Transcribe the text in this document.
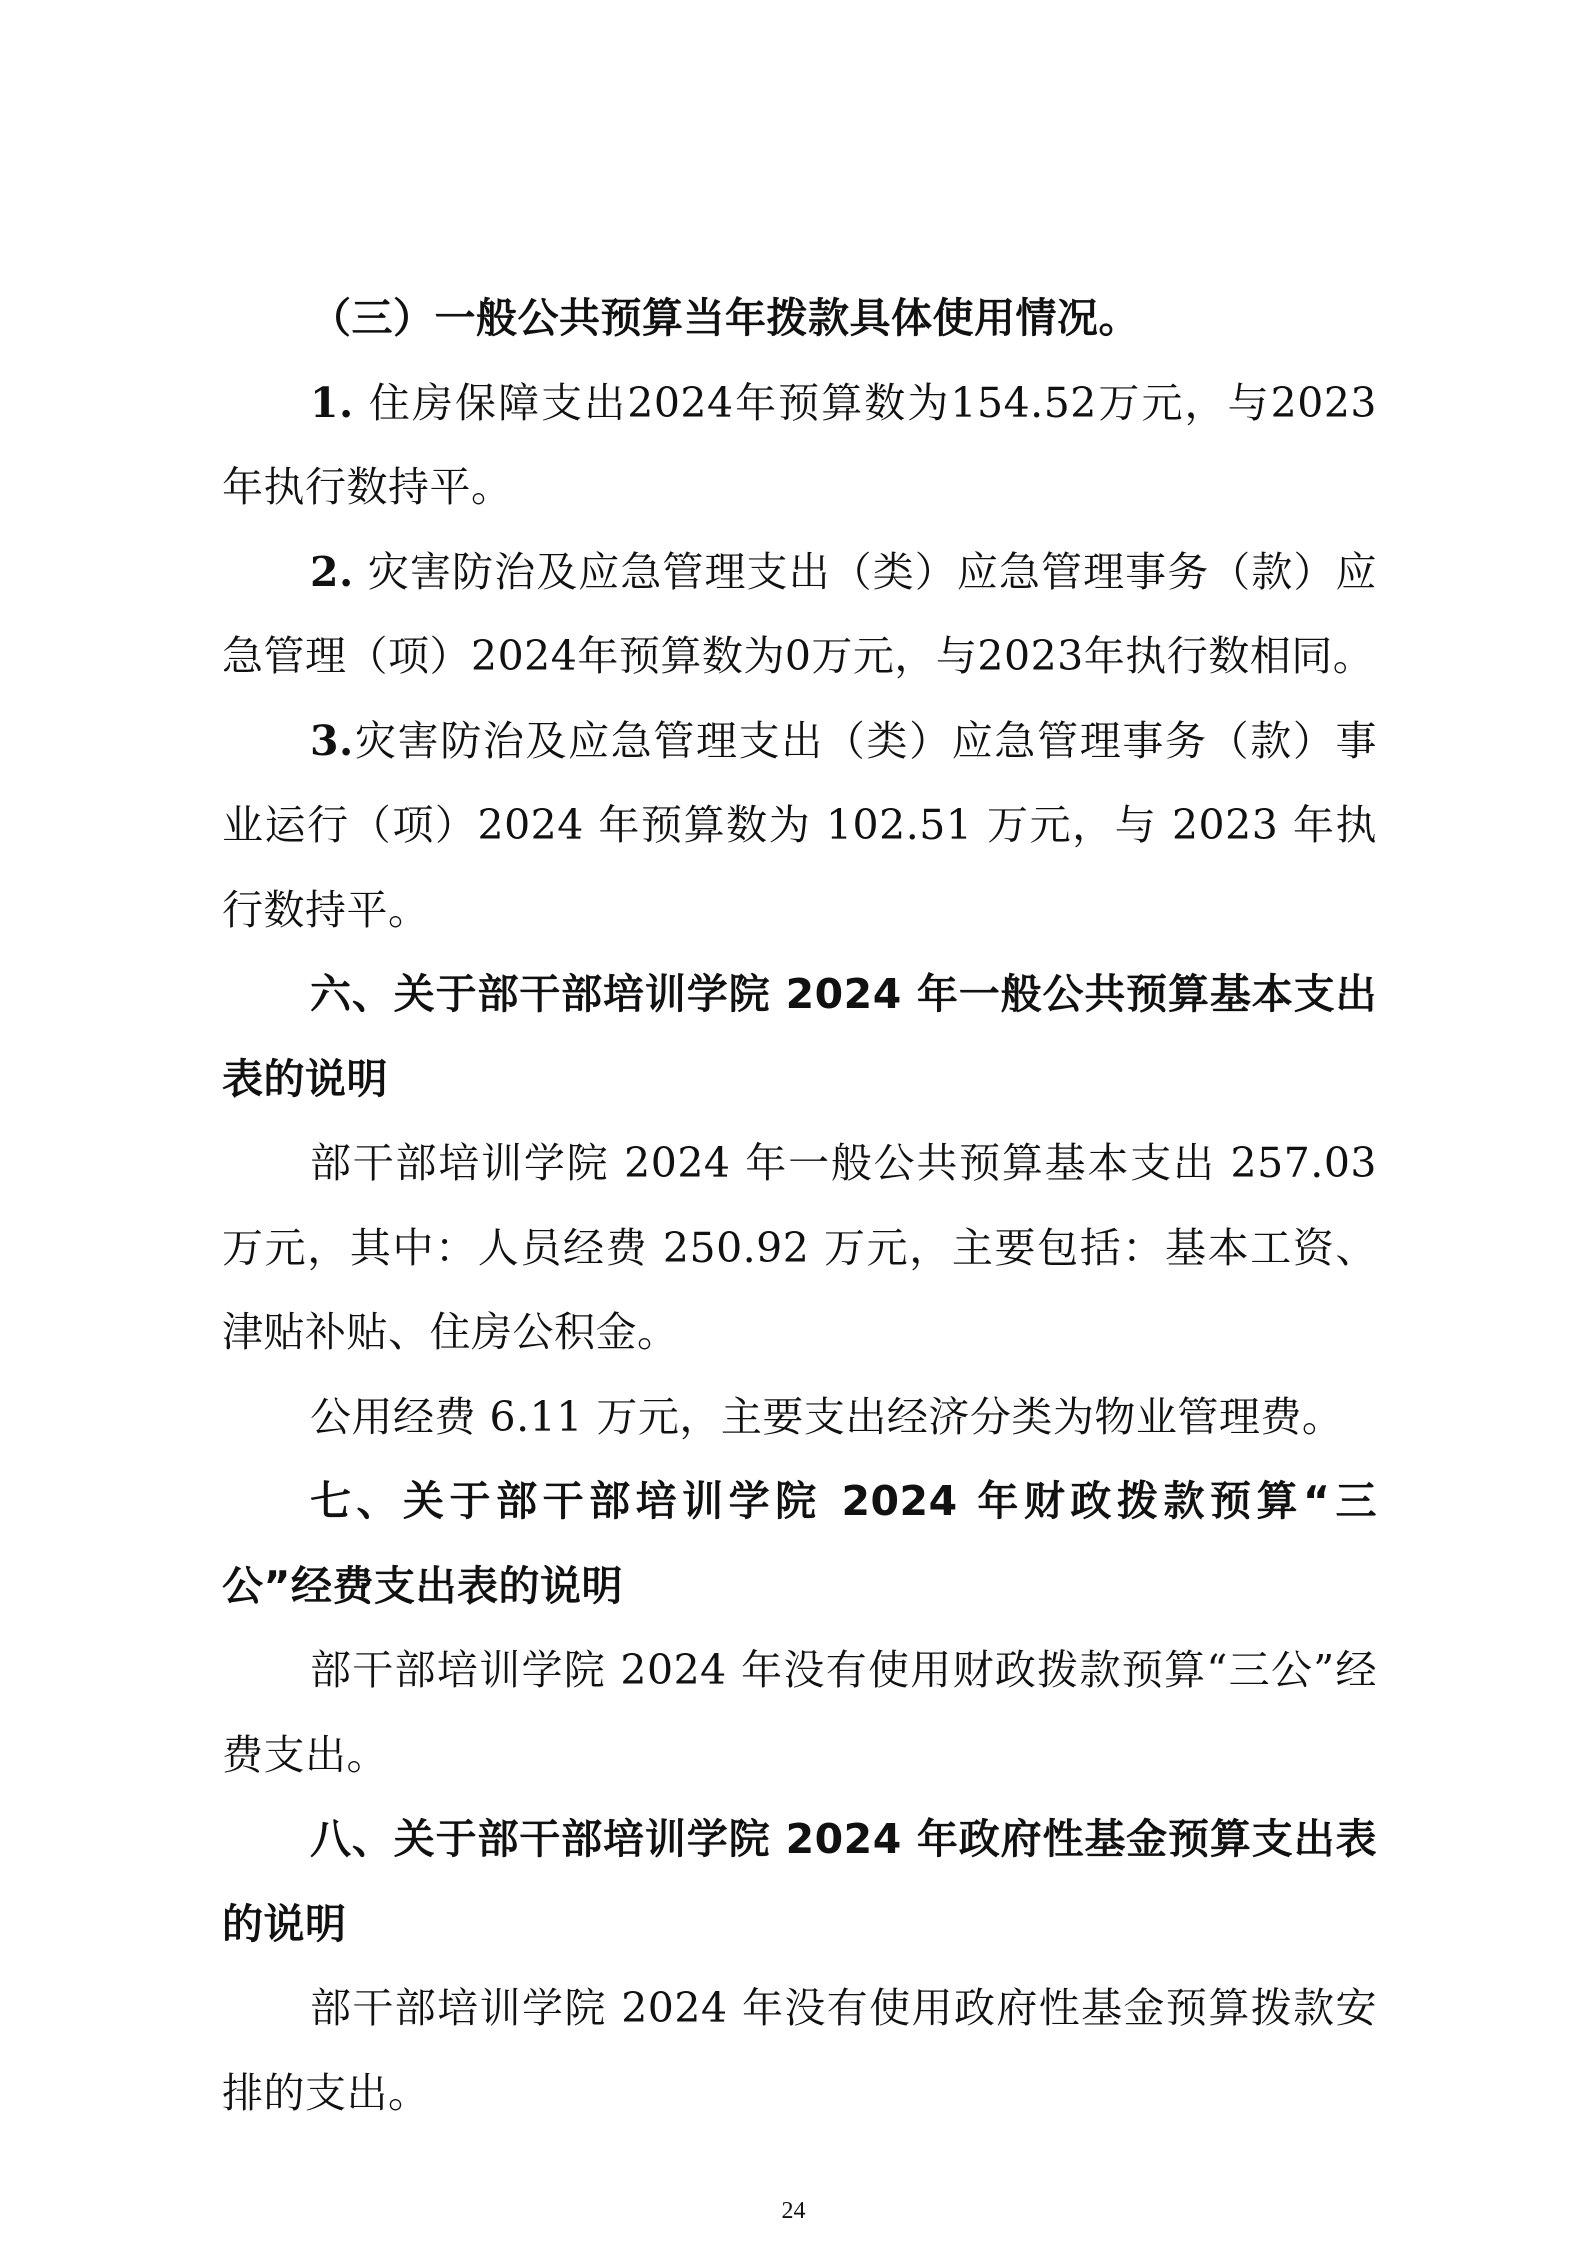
（三）一般公共预算当年拨款具体使用情况。

1. 住房保障支出2024年预算数为154.52万元，与2023年执行数持平。

2. 灾害防治及应急管理支出（类）应急管理事务（款）应急管理（项）2024年预算数为0万元，与2023年执行数相同。

3.灾害防治及应急管理支出（类）应急管理事务（款）事业运行（项）2024 年预算数为 102.51 万元，与 2023 年执行数持平。

六、关于部干部培训学院 2024 年一般公共预算基本支出表的说明

部干部培训学院 2024 年一般公共预算基本支出 257.03 万元，其中：人员经费 250.92 万元，主要包括：基本工资、津贴补贴、住房公积金。

公用经费 6.11 万元，主要支出经济分类为物业管理费。

七、关于部干部培训学院 2024 年财政拨款预算“三公”经费支出表的说明

部干部培训学院 2024 年没有使用财政拨款预算“三公”经费支出。

八、关于部干部培训学院 2024 年政府性基金预算支出表的说明

部干部培训学院 2024 年没有使用政府性基金预算拨款安排的支出。

24
